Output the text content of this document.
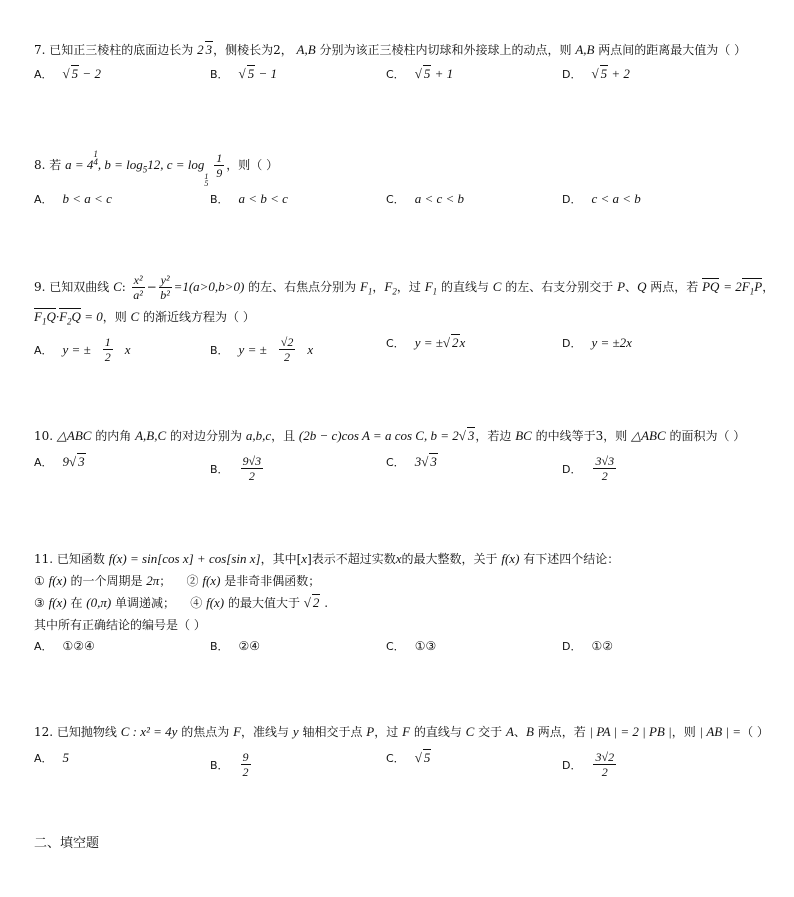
7. 已知正三棱柱的底面边长为 2 3，侧棱长为2， A,B 分别为该正三棱柱内切球和外接球上的动点，则 A,B 两点间的距离最大值为（ ）
A． √ 5 − 2	B． √ 5 − 1	C． √ 5 + 1	D． √ 5 + 2
8. 若 a = 4
1
4 , $b = \log_512$, c = log
1
5

$\frac{1}{9}$ ，则（ ）
A． b < a < c	B． a < b < c	C． a < c < b	D． c < a < b
9. 已知双曲线 C: $\frac{\text{x²}}{\text{a²}} - \frac{\text{y²}}{\text{b²}} =1(a>0,b>0)$ 的左、右焦点分别为 $F_1$，$F_2$，过 $F_1$ 的直线与 C 的左、右支分别交于 P、Q 两点，若 PQ = $2F_1P$，
$F_1Q\cdot F_2Q = 0$，则 C 的渐近线方程为（ ）
A． y = ± $\frac{1}{2}$ x	B． y = ± $\frac{√2}{2}$ x	C． y = ±√ 2x	D． y = ±2x
10. △ABC 的内角 A,B,C 的对边分别为 a,b,c，且 (2b − c)cos A = a cos C, b = 2√ 3，若边 BC 的中线等于3，则 △ABC 的面积为（ ）
A． 9√ 3	B． $\frac{9√3}{2}$	C． 3√ 3	D． $\frac{3√3}{2}$
11. 已知函数 f(x) = sin[cos x] + cos[sin x]，其中[x]表示不超过实数x的最大整数，关于 f(x) 有下述四个结论：
① f(x) 的一个周期是 2π；    ② f(x) 是非奇非偶函数；
③ f(x) 在 (0,π) 单调递减；    ④ f(x) 的最大值大于 √ 2 .
其中所有正确结论的编号是（ ）
A． ①②④	B． ②④	C． ①③	D． ①②
12. 已知抛物线 C : x² = 4y 的焦点为 F，准线与 y 轴相交于点 P，过 F 的直线与 C 交于 A、B 两点，若 | PA | = 2 | PB |，则 | AB | =（ ）
A． 5	B． $\frac{9}{2}$	C． √ 5	D． $\frac{3√2}{2}$
二、填空题
